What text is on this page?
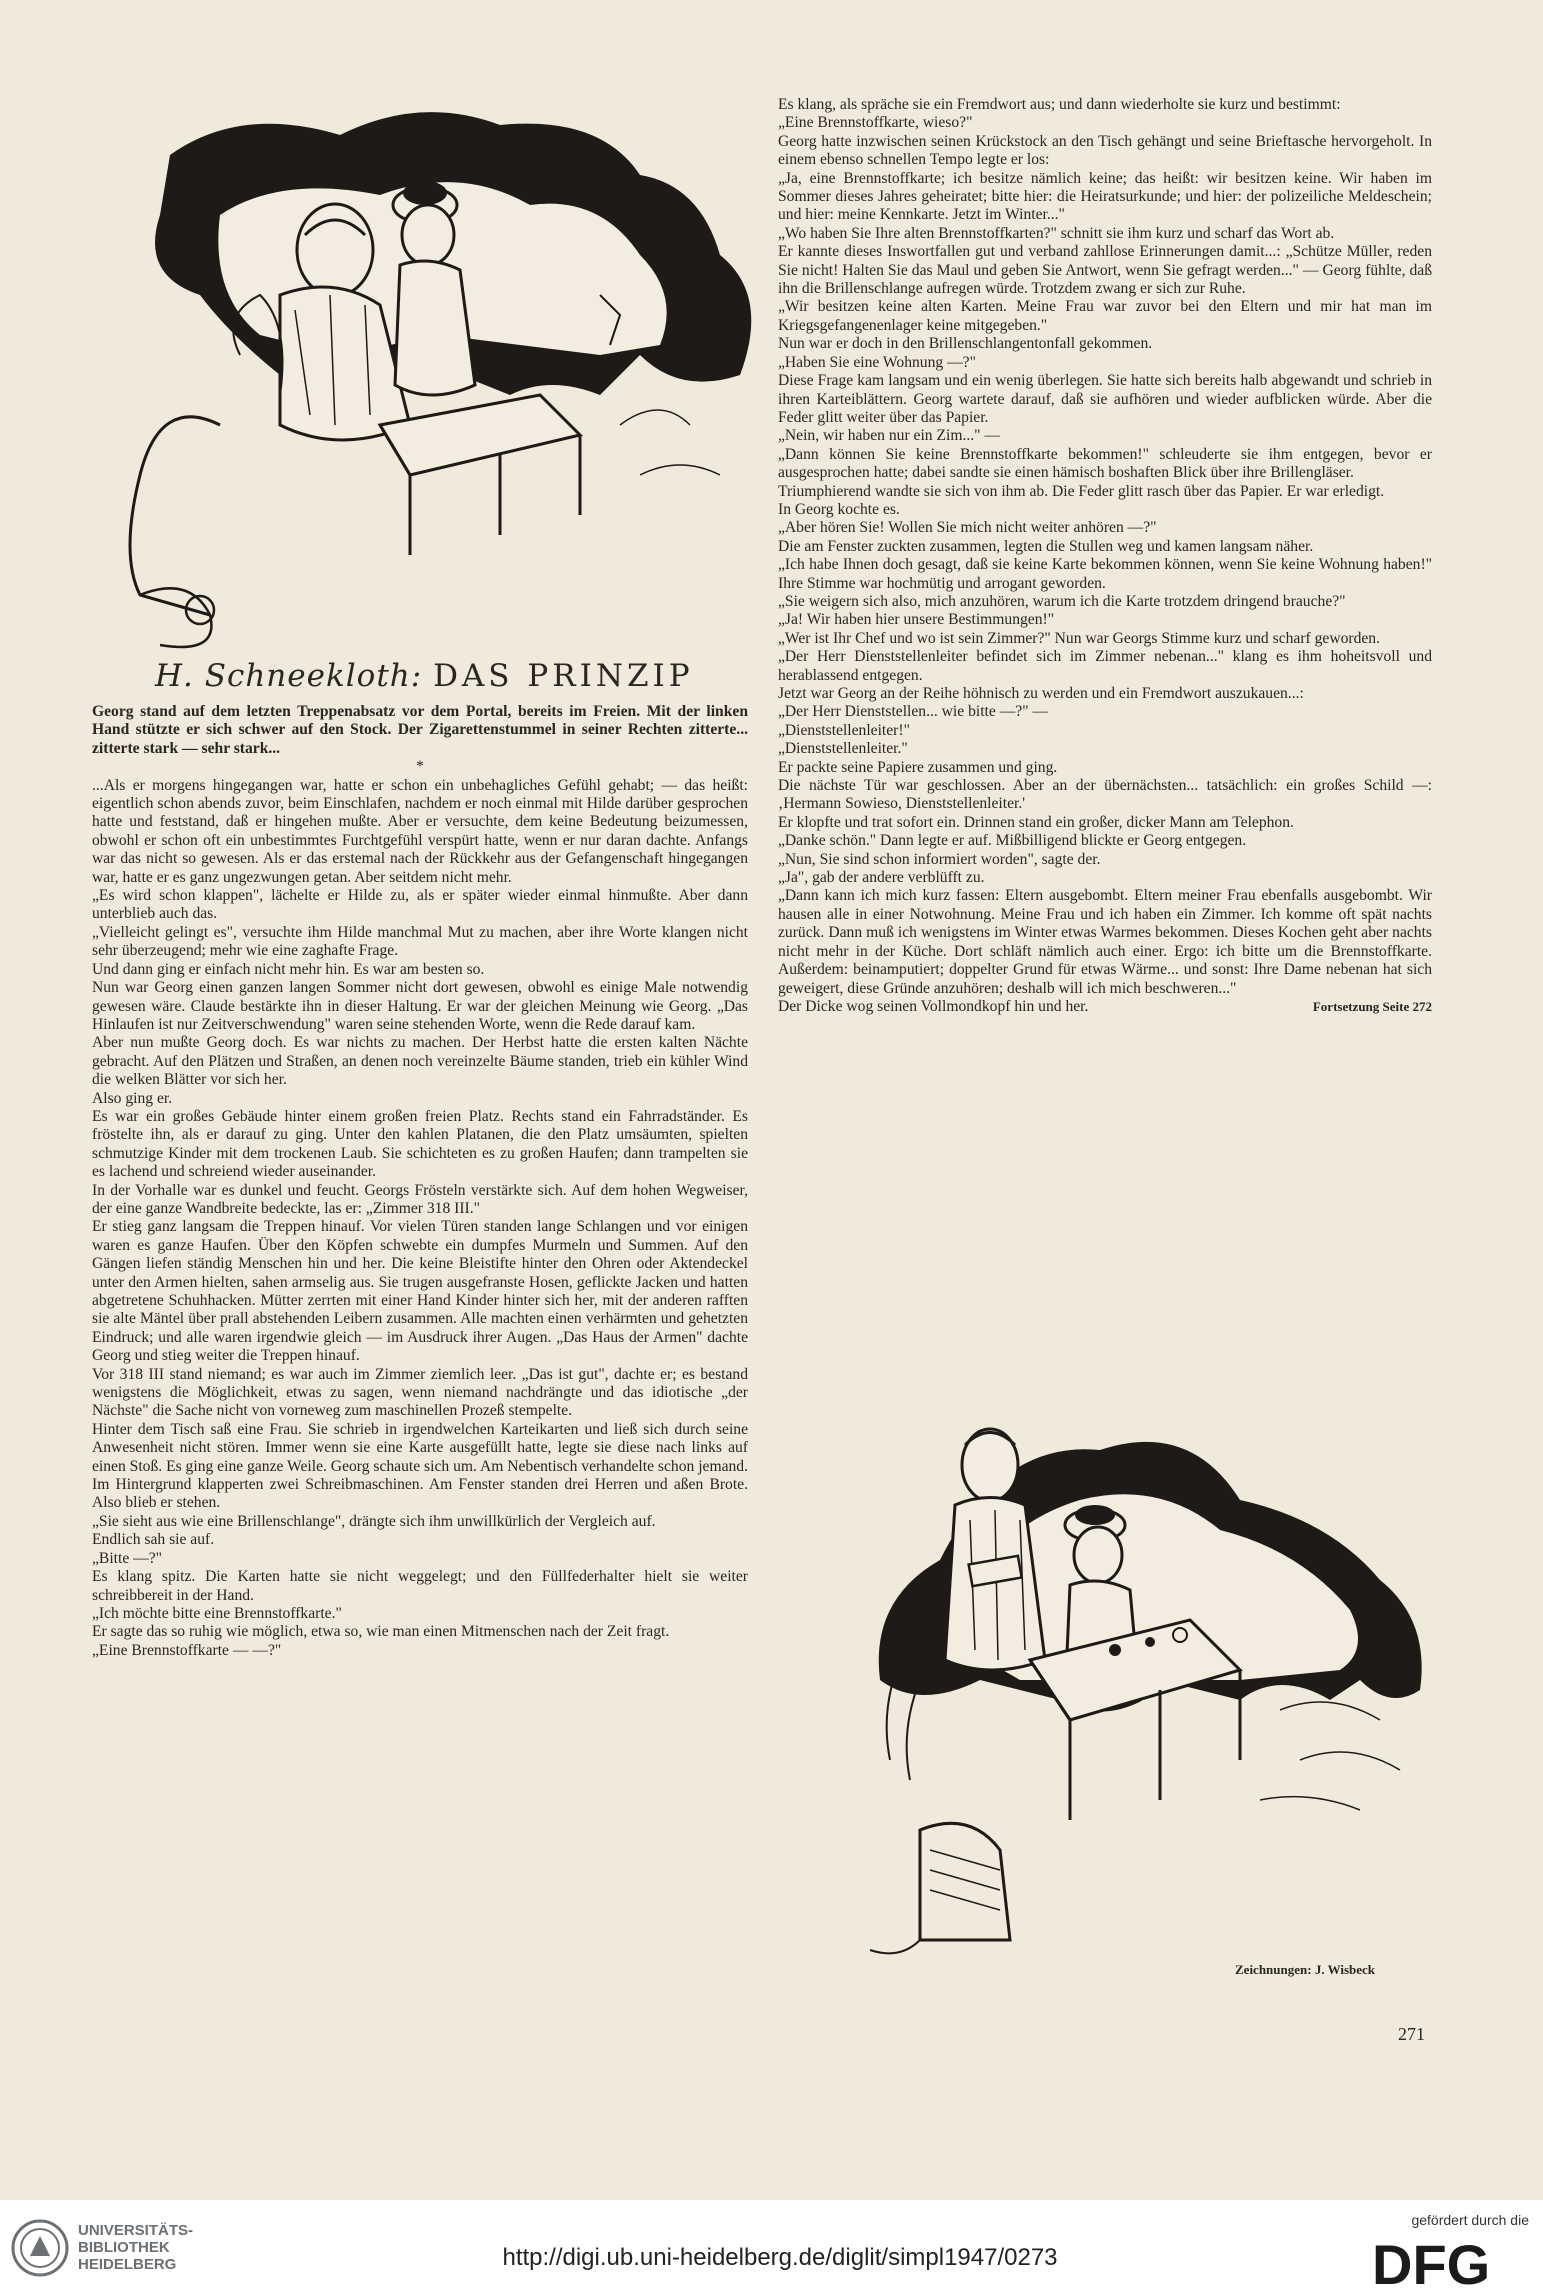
H. Schneekloth: DAS PRINZIP

Georg stand auf dem letzten Treppenabsatz vor dem Portal, bereits im Freien. Mit der linken Hand stützte er sich schwer auf den Stock. Der Zigarettenstummel in seiner Rechten zitterte... zitterte stark — sehr stark...

*

...Als er morgens hingegangen war, hatte er schon ein unbehagliches Gefühl gehabt; — das heißt: eigentlich schon abends zuvor, beim Einschlafen, nachdem er noch einmal mit Hilde darüber gesprochen hatte und feststand, daß er hingehen mußte. Aber er versuchte, dem keine Bedeutung beizumessen, obwohl er schon oft ein unbestimmtes Furchtgefühl verspürt hatte, wenn er nur daran dachte. Anfangs war das nicht so gewesen. Als er das erstemal nach der Rückkehr aus der Gefangenschaft hingegangen war, hatte er es ganz ungezwungen getan. Aber seitdem nicht mehr.

„Es wird schon klappen", lächelte er Hilde zu, als er später wieder einmal hinmußte. Aber dann unterblieb auch das.

„Vielleicht gelingt es", versuchte ihm Hilde manchmal Mut zu machen, aber ihre Worte klangen nicht sehr überzeugend; mehr wie eine zaghafte Frage.

Und dann ging er einfach nicht mehr hin. Es war am besten so.

Nun war Georg einen ganzen langen Sommer nicht dort gewesen, obwohl es einige Male notwendig gewesen wäre. Claude bestärkte ihn in dieser Haltung. Er war der gleichen Meinung wie Georg. „Das Hinlaufen ist nur Zeitverschwendung" waren seine stehenden Worte, wenn die Rede darauf kam.

Aber nun mußte Georg doch. Es war nichts zu machen. Der Herbst hatte die ersten kalten Nächte gebracht. Auf den Plätzen und Straßen, an denen noch vereinzelte Bäume standen, trieb ein kühler Wind die welken Blätter vor sich her.

Also ging er.

Es war ein großes Gebäude hinter einem großen freien Platz. Rechts stand ein Fahrradständer. Es fröstelte ihn, als er darauf zu ging. Unter den kahlen Platanen, die den Platz umsäumten, spielten schmutzige Kinder mit dem trockenen Laub. Sie schichteten es zu großen Haufen; dann trampelten sie es lachend und schreiend wieder auseinander.

In der Vorhalle war es dunkel und feucht. Georgs Frösteln verstärkte sich. Auf dem hohen Wegweiser, der eine ganze Wandbreite bedeckte, las er: „Zimmer 318 III."

Er stieg ganz langsam die Treppen hinauf. Vor vielen Türen standen lange Schlangen und vor einigen waren es ganze Haufen. Über den Köpfen schwebte ein dumpfes Murmeln und Summen. Auf den Gängen liefen ständig Menschen hin und her. Die keine Bleistifte hinter den Ohren oder Aktendeckel unter den Armen hielten, sahen armselig aus. Sie trugen ausgefranste Hosen, geflickte Jacken und hatten abgetretene Schuhhacken. Mütter zerrten mit einer Hand Kinder hinter sich her, mit der anderen rafften sie alte Mäntel über prall abstehenden Leibern zusammen. Alle machten einen verhärmten und gehetzten Eindruck; und alle waren irgendwie gleich — im Ausdruck ihrer Augen. „Das Haus der Armen" dachte Georg und stieg weiter die Treppen hinauf.

Vor 318 III stand niemand; es war auch im Zimmer ziemlich leer. „Das ist gut", dachte er; es bestand wenigstens die Möglichkeit, etwas zu sagen, wenn niemand nachdrängte und das idiotische „der Nächste" die Sache nicht von vorneweg zum maschinellen Prozeß stempelte.

Hinter dem Tisch saß eine Frau. Sie schrieb in irgendwelchen Karteikarten und ließ sich durch seine Anwesenheit nicht stören. Immer wenn sie eine Karte ausgefüllt hatte, legte sie diese nach links auf einen Stoß. Es ging eine ganze Weile. Georg schaute sich um. Am Nebentisch verhandelte schon jemand. Im Hintergrund klapperten zwei Schreibmaschinen. Am Fenster standen drei Herren und aßen Brote. Also blieb er stehen.

„Sie sieht aus wie eine Brillenschlange", drängte sich ihm unwillkürlich der Vergleich auf.

Endlich sah sie auf.

„Bitte —?"

Es klang spitz. Die Karten hatte sie nicht weggelegt; und den Füllfederhalter hielt sie weiter schreibbereit in der Hand.

„Ich möchte bitte eine Brennstoffkarte."

Er sagte das so ruhig wie möglich, etwa so, wie man einen Mitmenschen nach der Zeit fragt.

„Eine Brennstoffkarte — —?"

Es klang, als spräche sie ein Fremdwort aus; und dann wiederholte sie kurz und bestimmt:

„Eine Brennstoffkarte, wieso?"

Georg hatte inzwischen seinen Krückstock an den Tisch gehängt und seine Brieftasche hervorgeholt. In einem ebenso schnellen Tempo legte er los:

„Ja, eine Brennstoffkarte; ich besitze nämlich keine; das heißt: wir besitzen keine. Wir haben im Sommer dieses Jahres geheiratet; bitte hier: die Heiratsurkunde; und hier: der polizeiliche Meldeschein; und hier: meine Kennkarte. Jetzt im Winter..."

„Wo haben Sie Ihre alten Brennstoffkarten?" schnitt sie ihm kurz und scharf das Wort ab.

Er kannte dieses Inswortfallen gut und verband zahllose Erinnerungen damit...: „Schütze Müller, reden Sie nicht! Halten Sie das Maul und geben Sie Antwort, wenn Sie gefragt werden..." — Georg fühlte, daß ihn die Brillenschlange aufregen würde. Trotzdem zwang er sich zur Ruhe.

„Wir besitzen keine alten Karten. Meine Frau war zuvor bei den Eltern und mir hat man im Kriegsgefangenenlager keine mitgegeben."

Nun war er doch in den Brillenschlangentonfall gekommen.

„Haben Sie eine Wohnung —?"

Diese Frage kam langsam und ein wenig überlegen. Sie hatte sich bereits halb abgewandt und schrieb in ihren Karteiblättern. Georg wartete darauf, daß sie aufhören und wieder aufblicken würde. Aber die Feder glitt weiter über das Papier.

„Nein, wir haben nur ein Zim..." —

„Dann können Sie keine Brennstoffkarte bekommen!" schleuderte sie ihm entgegen, bevor er ausgesprochen hatte; dabei sandte sie einen hämisch boshaften Blick über ihre Brillengläser.

Triumphierend wandte sie sich von ihm ab. Die Feder glitt rasch über das Papier. Er war erledigt.

In Georg kochte es.

„Aber hören Sie! Wollen Sie mich nicht weiter anhören —?"

Die am Fenster zuckten zusammen, legten die Stullen weg und kamen langsam näher.

„Ich habe Ihnen doch gesagt, daß sie keine Karte bekommen können, wenn Sie keine Wohnung haben!" Ihre Stimme war hochmütig und arrogant geworden.

„Sie weigern sich also, mich anzuhören, warum ich die Karte trotzdem dringend brauche?"

„Ja! Wir haben hier unsere Bestimmungen!"

„Wer ist Ihr Chef und wo ist sein Zimmer?" Nun war Georgs Stimme kurz und scharf geworden.

„Der Herr Dienststellenleiter befindet sich im Zimmer nebenan..." klang es ihm hoheitsvoll und herablassend entgegen.

Jetzt war Georg an der Reihe höhnisch zu werden und ein Fremdwort auszukauen...:

„Der Herr Dienststellen... wie bitte —?" —

„Dienststellenleiter!"

„Dienststellenleiter."

Er packte seine Papiere zusammen und ging.

Die nächste Tür war geschlossen. Aber an der übernächsten... tatsächlich: ein großes Schild —: ‚Hermann Sowieso, Dienststellenleiter.'

Er klopfte und trat sofort ein. Drinnen stand ein großer, dicker Mann am Telephon.

„Danke schön." Dann legte er auf. Mißbilligend blickte er Georg entgegen.

„Nun, Sie sind schon informiert worden", sagte der.

„Ja", gab der andere verblüfft zu.

„Dann kann ich mich kurz fassen: Eltern ausgebombt. Eltern meiner Frau ebenfalls ausgebombt. Wir hausen alle in einer Notwohnung. Meine Frau und ich haben ein Zimmer. Ich komme oft spät nachts zurück. Dann muß ich wenigstens im Winter etwas Warmes bekommen. Dieses Kochen geht aber nachts nicht mehr in der Küche. Dort schläft nämlich auch einer. Ergo: ich bitte um die Brennstoffkarte. Außerdem: beinamputiert; doppelter Grund für etwas Wärme... und sonst: Ihre Dame nebenan hat sich geweigert, diese Gründe anzuhören; deshalb will ich mich beschweren..."

Der Dicke wog seinen Vollmondkopf hin und her.	Fortsetzung Seite 272
Zeichnungen: J. Wisbeck
271
UNIVERSITÄTS-
BIBLIOTHEK
HEIDELBERG	http://digi.ub.uni-heidelberg.de/diglit/simpl1947/0273
gefördert durch die
DFG
